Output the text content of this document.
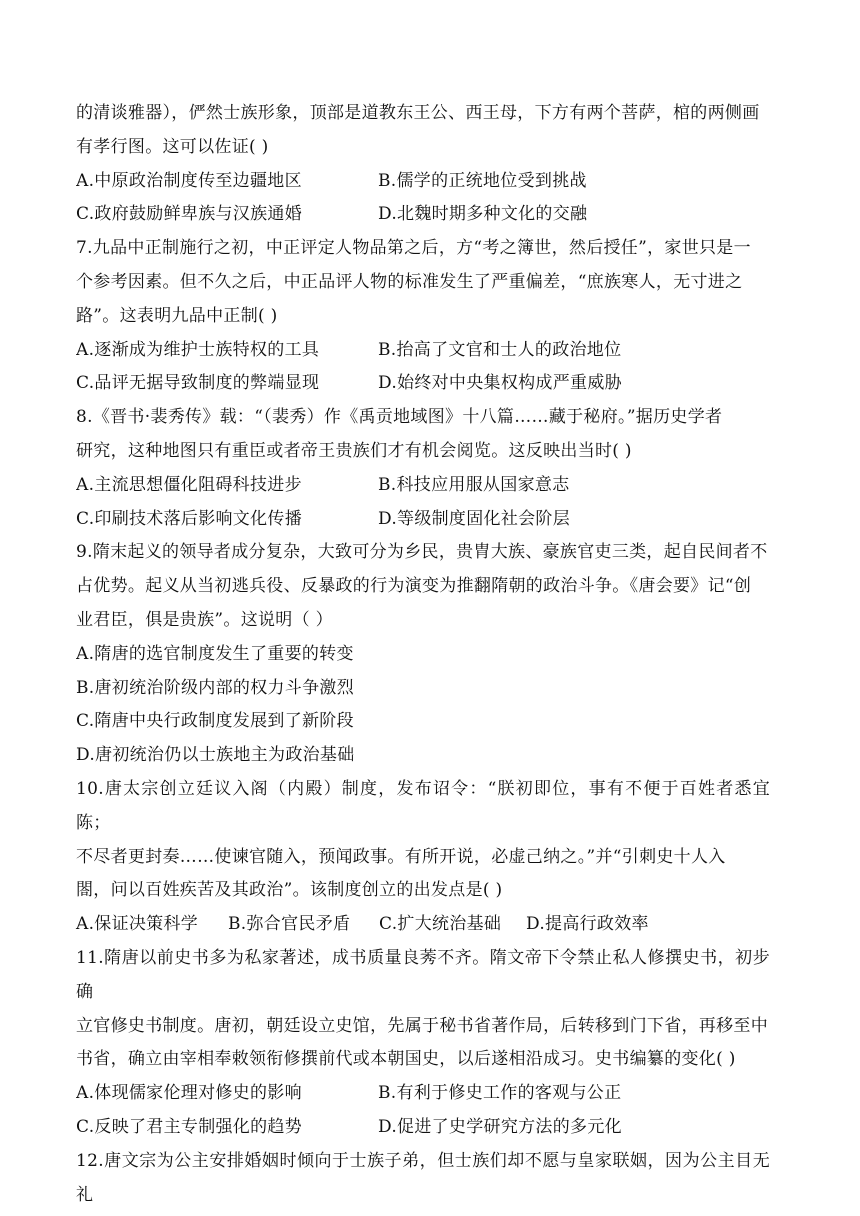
的清谈雅器），俨然士族形象，顶部是道教东王公、西王母，下方有两个菩萨，棺的两侧画
有孝行图。这可以佐证( )
A.中原政治制度传至边疆地区	B.儒学的正统地位受到挑战
C.政府鼓励鲜卑族与汉族通婚	D.北魏时期多种文化的交融
7.九品中正制施行之初，中正评定人物品第之后，方“考之簿世，然后授任”，家世只是一
个参考因素。但不久之后，中正品评人物的标准发生了严重偏差，“庶族寒人，无寸进之
路”。这表明九品中正制( )
A.逐渐成为维护士族特权的工具	B.抬高了文官和士人的政治地位
C.品评无据导致制度的弊端显现	D.始终对中央集权构成严重威胁
8.《晋书·裴秀传》载：“（裴秀）作《禹贡地域图》十八篇……藏于秘府。”据历史学者
研究，这种地图只有重臣或者帝王贵族们才有机会阅览。这反映出当时( )
A.主流思想僵化阻碍科技进步	B.科技应用服从国家意志
C.印刷技术落后影响文化传播	D.等级制度固化社会阶层
9.隋末起义的领导者成分复杂，大致可分为乡民，贵胄大族、豪族官吏三类，起自民间者不
占优势。起义从当初逃兵役、反暴政的行为演变为推翻隋朝的政治斗争。《唐会要》记“创
业君臣，俱是贵族”。这说明（ ）
A.隋唐的选官制度发生了重要的转变
B.唐初统治阶级内部的权力斗争激烈
C.隋唐中央行政制度发展到了新阶段
D.唐初统治仍以士族地主为政治基础
10.唐太宗创立廷议入阁（内殿）制度，发布诏令：“朕初即位，事有不便于百姓者悉宜陈；
不尽者更封奏……使谏官随入，预闻政事。有所开说，必虚己纳之。”并“引刺史十人入
閤，问以百姓疾苦及其政治”。该制度创立的出发点是( )
A.保证决策科学	B.弥合官民矛盾	C.扩大统治基础	D.提高行政效率
11.隋唐以前史书多为私家著述，成书质量良莠不齐。隋文帝下令禁止私人修撰史书，初步确
立官修史书制度。唐初，朝廷设立史馆，先属于秘书省著作局，后转移到门下省，再移至中
书省，确立由宰相奉敕领衔修撰前代或本朝国史，以后遂相沿成习。史书编纂的变化( )
A.体现儒家伦理对修史的影响	B.有利于修史工作的客观与公正
C.反映了君主专制强化的趋势	D.促进了史学研究方法的多元化
12.唐文宗为公主安排婚姻时倾向于士族子弟，但士族们却不愿与皇家联姻，因为公主目无礼
